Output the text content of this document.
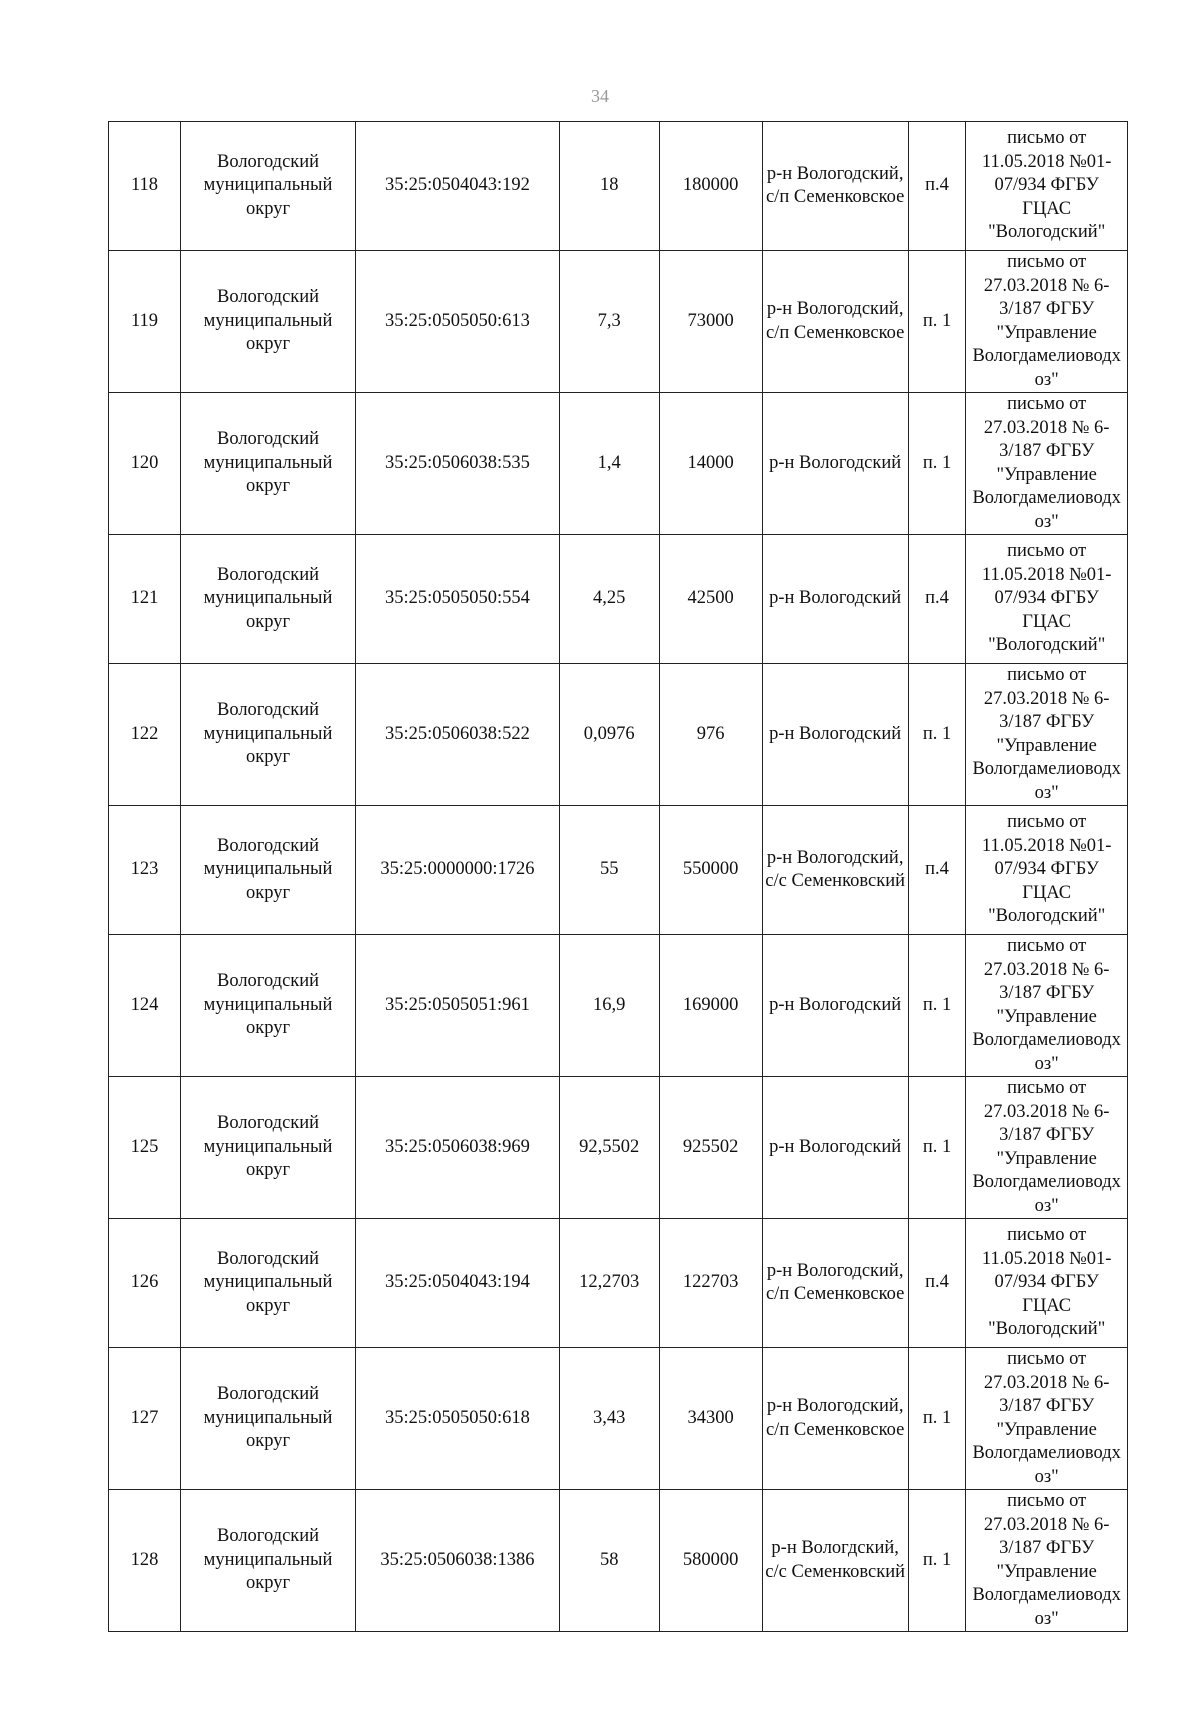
34
118	Вологодский муниципальный округ	35:25:0504043:192	18	180000	р-н Вологодский, с/п Семенковское	п.4	письмо от 11.05.2018 №01-07/934 ФГБУ ГЦАС "Вологодский"
119	Вологодский муниципальный округ	35:25:0505050:613	7,3	73000	р-н Вологодский, с/п Семенковское	п. 1	письмо от 27.03.2018 № 6-3/187 ФГБУ "Управление Вологдамелиоводхоз"
120	Вологодский муниципальный округ	35:25:0506038:535	1,4	14000	р-н Вологодский	п. 1	письмо от 27.03.2018 № 6-3/187 ФГБУ "Управление Вологдамелиоводхоз"
121	Вологодский муниципальный округ	35:25:0505050:554	4,25	42500	р-н Вологодский	п.4	письмо от 11.05.2018 №01-07/934 ФГБУ ГЦАС "Вологодский"
122	Вологодский муниципальный округ	35:25:0506038:522	0,0976	976	р-н Вологодский	п. 1	письмо от 27.03.2018 № 6-3/187 ФГБУ "Управление Вологдамелиоводхоз"
123	Вологодский муниципальный округ	35:25:0000000:1726	55	550000	р-н Вологодский, с/с Семенковский	п.4	письмо от 11.05.2018 №01-07/934 ФГБУ ГЦАС "Вологодский"
124	Вологодский муниципальный округ	35:25:0505051:961	16,9	169000	р-н Вологодский	п. 1	письмо от 27.03.2018 № 6-3/187 ФГБУ "Управление Вологдамелиоводхоз"
125	Вологодский муниципальный округ	35:25:0506038:969	92,5502	925502	р-н Вологодский	п. 1	письмо от 27.03.2018 № 6-3/187 ФГБУ "Управление Вологдамелиоводхоз"
126	Вологодский муниципальный округ	35:25:0504043:194	12,2703	122703	р-н Вологодский, с/п Семенковское	п.4	письмо от 11.05.2018 №01-07/934 ФГБУ ГЦАС "Вологодский"
127	Вологодский муниципальный округ	35:25:0505050:618	3,43	34300	р-н Вологодский, с/п Семенковское	п. 1	письмо от 27.03.2018 № 6-3/187 ФГБУ "Управление Вологдамелиоводхоз"
128	Вологодский муниципальный округ	35:25:0506038:1386	58	580000	р-н Вологдский, с/с Семенковский	п. 1	письмо от 27.03.2018 № 6-3/187 ФГБУ "Управление Вологдамелиоводхоз"
